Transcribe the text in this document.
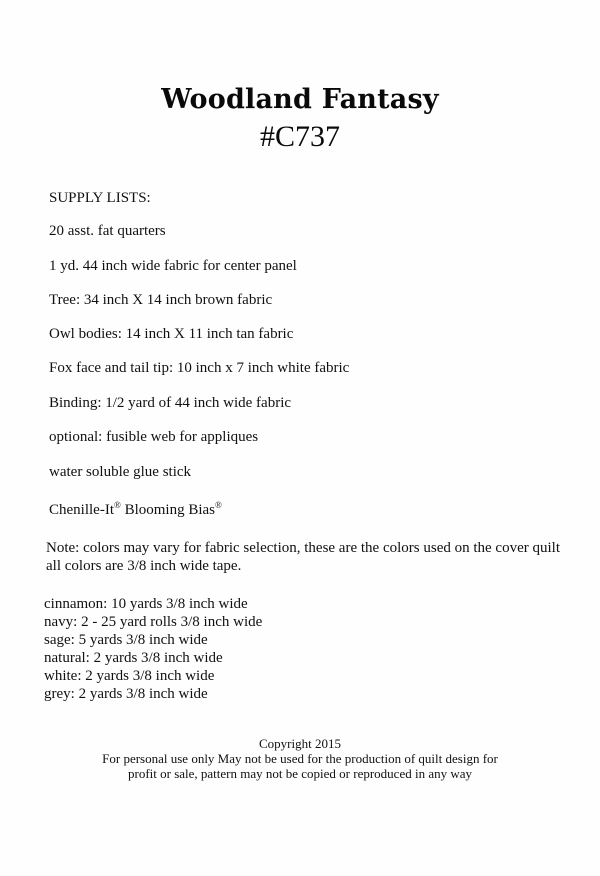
Woodland Fantasy
#C737
SUPPLY LISTS:
20 asst. fat quarters
1 yd. 44 inch wide fabric for center panel
Tree: 34 inch X 14 inch brown fabric
Owl bodies: 14 inch X 11 inch tan fabric
Fox face and tail tip: 10 inch x 7 inch white fabric
Binding: 1/2 yard of 44 inch wide fabric
optional: fusible web for appliques
water soluble glue stick
Chenille-It® Blooming Bias®
Note: colors may vary for fabric selection, these are the colors used on the cover quilt all colors are 3/8 inch wide tape.
cinnamon: 10 yards 3/8 inch wide
navy: 2 - 25 yard rolls 3/8 inch wide
sage: 5 yards 3/8 inch wide
natural: 2 yards 3/8 inch wide
white: 2 yards 3/8 inch wide
grey: 2 yards 3/8 inch wide
Copyright 2015
For personal use only May not be used for the production of quilt design for
profit or sale, pattern may not be copied or reproduced in any way
